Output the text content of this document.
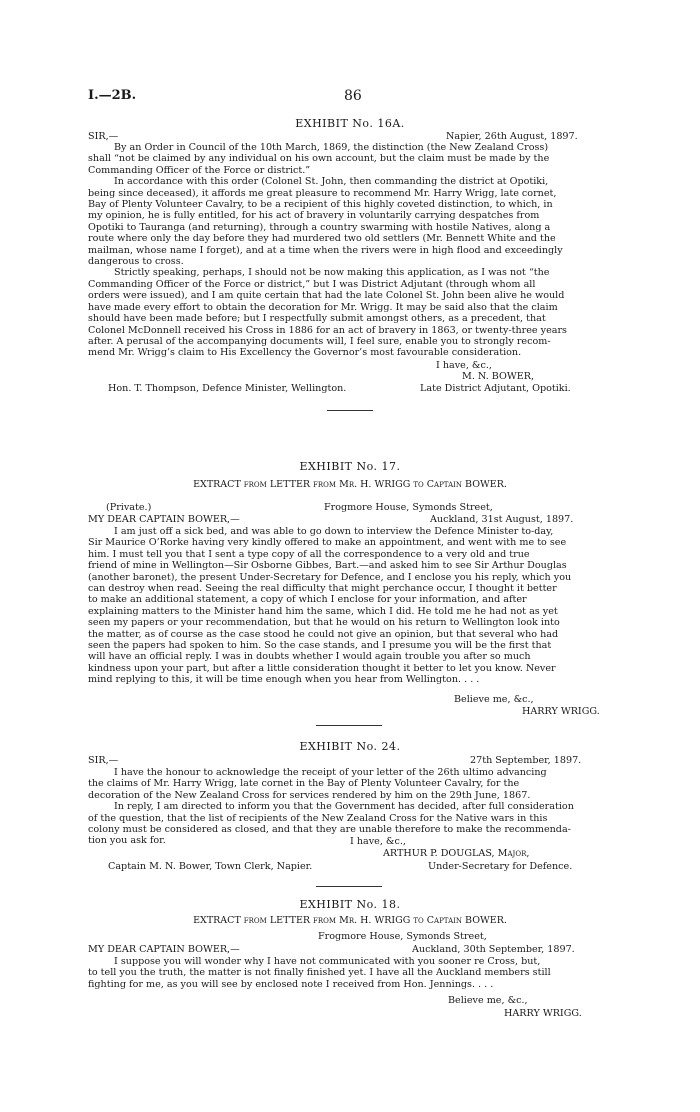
I.—2B.	86
EXHIBIT No. 16A.
SIR,—	Napier, 26th August, 1897.
By an Order in Council of the 10th March, 1869, the distinction (the New Zealand Cross)
shall “not be claimed by any individual on his own account, but the claim must be made by the
Commanding Officer of the Force or district.”
In accordance with this order (Colonel St. John, then commanding the district at Opotiki,
being since deceased), it affords me great pleasure to recommend Mr. Harry Wrigg, late cornet,
Bay of Plenty Volunteer Cavalry, to be a recipient of this highly coveted distinction, to which, in
my opinion, he is fully entitled, for his act of bravery in voluntarily carrying despatches from
Opotiki to Tauranga (and returning), through a country swarming with hostile Natives, along a
route where only the day before they had murdered two old settlers (Mr. Bennett White and the
mailman, whose name I forget), and at a time when the rivers were in high flood and exceedingly
dangerous to cross.
Strictly speaking, perhaps, I should not be now making this application, as I was not “the
Commanding Officer of the Force or district,” but I was District Adjutant (through whom all
orders were issued), and I am quite certain that had the late Colonel St. John been alive he would
have made every effort to obtain the decoration for Mr. Wrigg. It may be said also that the claim
should have been made before; but I respectfully submit amongst others, as a precedent, that
Colonel McDonnell received his Cross in 1886 for an act of bravery in 1863, or twenty-three years
after. A perusal of the accompanying documents will, I feel sure, enable you to strongly recom-
mend Mr. Wrigg’s claim to His Excellency the Governor’s most favourable consideration.
I have, &c.,
M. N. BOWER,
Hon. T. Thompson, Defence Minister, Wellington.	Late District Adjutant, Opotiki.
EXHIBIT No. 17.
EXTRACT from LETTER from Mr. H. WRIGG to Captain BOWER.
(Private.)	Frogmore House, Symonds Street,
MY DEAR CAPTAIN BOWER,—	Auckland, 31st August, 1897.
I am just off a sick bed, and was able to go down to interview the Defence Minister to-day,
Sir Maurice O’Rorke having very kindly offered to make an appointment, and went with me to see
him. I must tell you that I sent a type copy of all the correspondence to a very old and true
friend of mine in Wellington—Sir Osborne Gibbes, Bart.—and asked him to see Sir Arthur Douglas
(another baronet), the present Under-Secretary for Defence, and I enclose you his reply, which you
can destroy when read. Seeing the real difficulty that might perchance occur, I thought it better
to make an additional statement, a copy of which I enclose for your information, and after
explaining matters to the Minister hand him the same, which I did. He told me he had not as yet
seen my papers or your recommendation, but that he would on his return to Wellington look into
the matter, as of course as the case stood he could not give an opinion, but that several who had
seen the papers had spoken to him. So the case stands, and I presume you will be the first that
will have an official reply. I was in doubts whether I would again trouble you after so much
kindness upon your part, but after a little consideration thought it better to let you know. Never
mind replying to this, it will be time enough when you hear from Wellington. . . .
Believe me, &c.,
HARRY WRIGG.
EXHIBIT No. 24.
SIR,—	27th September, 1897.
I have the honour to acknowledge the receipt of your letter of the 26th ultimo advancing
the claims of Mr. Harry Wrigg, late cornet in the Bay of Plenty Volunteer Cavalry, for the
decoration of the New Zealand Cross for services rendered by him on the 29th June, 1867.
In reply, I am directed to inform you that the Government has decided, after full consideration
of the question, that the list of recipients of the New Zealand Cross for the Native wars in this
colony must be considered as closed, and that they are unable therefore to make the recommenda-
tion you ask for.	I have, &c.,
ARTHUR P. DOUGLAS, Major,
Captain M. N. Bower, Town Clerk, Napier.	Under-Secretary for Defence.
EXHIBIT No. 18.
EXTRACT from LETTER from Mr. H. WRIGG to Captain BOWER.
Frogmore House, Symonds Street,
MY DEAR CAPTAIN BOWER,—	Auckland, 30th September, 1897.
I suppose you will wonder why I have not communicated with you sooner re Cross, but,
to tell you the truth, the matter is not finally finished yet. I have all the Auckland members still
fighting for me, as you will see by enclosed note I received from Hon. Jennings. . . .
Believe me, &c.,
HARRY WRIGG.
